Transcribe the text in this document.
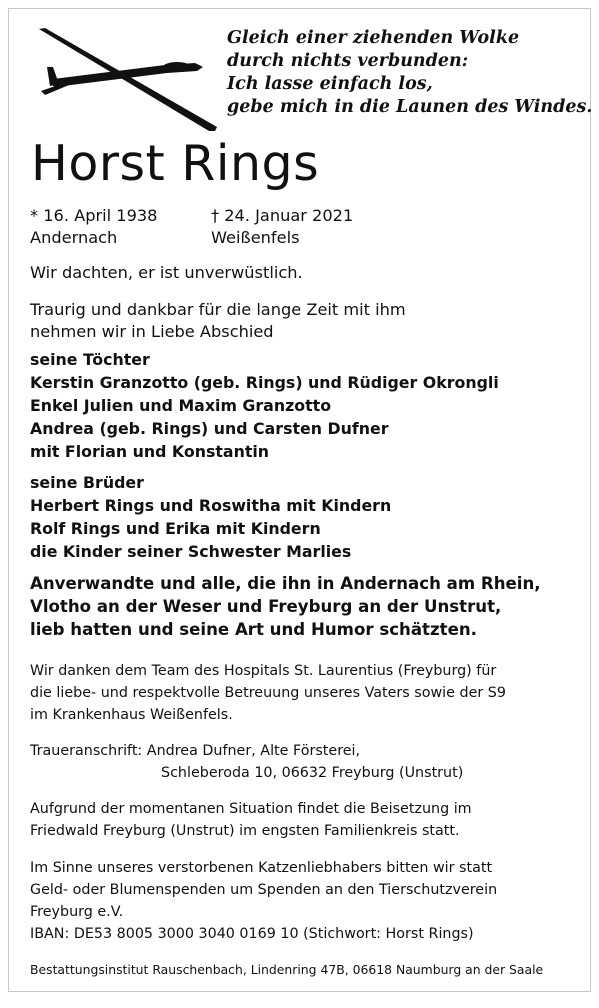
Gleich einer ziehenden Wolke
durch nichts verbunden:
Ich lasse einfach los,
gebe mich in die Launen des Windes.
Horst Rings
* 16. April 1938
Andernach
† 24. Januar 2021
Weißenfels
Wir dachten, er ist unverwüstlich.
Traurig und dankbar für die lange Zeit mit ihm
nehmen wir in Liebe Abschied
seine Töchter
Kerstin Granzotto (geb. Rings) und Rüdiger Okrongli
Enkel Julien und Maxim Granzotto
Andrea (geb. Rings) und Carsten Dufner
mit Florian und Konstantin
seine Brüder
Herbert Rings und Roswitha mit Kindern
Rolf Rings und Erika mit Kindern
die Kinder seiner Schwester Marlies
Anverwandte und alle, die ihn in Andernach am Rhein,
Vlotho an der Weser und Freyburg an der Unstrut,
lieb hatten und seine Art und Humor schätzten.
Wir danken dem Team des Hospitals St. Laurentius (Freyburg) für
die liebe- und respektvolle Betreuung unseres Vaters sowie der S9
im Krankenhaus Weißenfels.
Traueranschrift: Andrea Dufner, Alte Försterei,
Schleberoda 10, 06632 Freyburg (Unstrut)
Aufgrund der momentanen Situation findet die Beisetzung im
Friedwald Freyburg (Unstrut) im engsten Familienkreis statt.
Im Sinne unseres verstorbenen Katzenliebhabers bitten wir statt
Geld- oder Blumenspenden um Spenden an den Tierschutzverein
Freyburg e.V.
IBAN: DE53 8005 3000 3040 0169 10 (Stichwort: Horst Rings)
Bestattungsinstitut Rauschenbach, Lindenring 47B, 06618 Naumburg an der Saale
